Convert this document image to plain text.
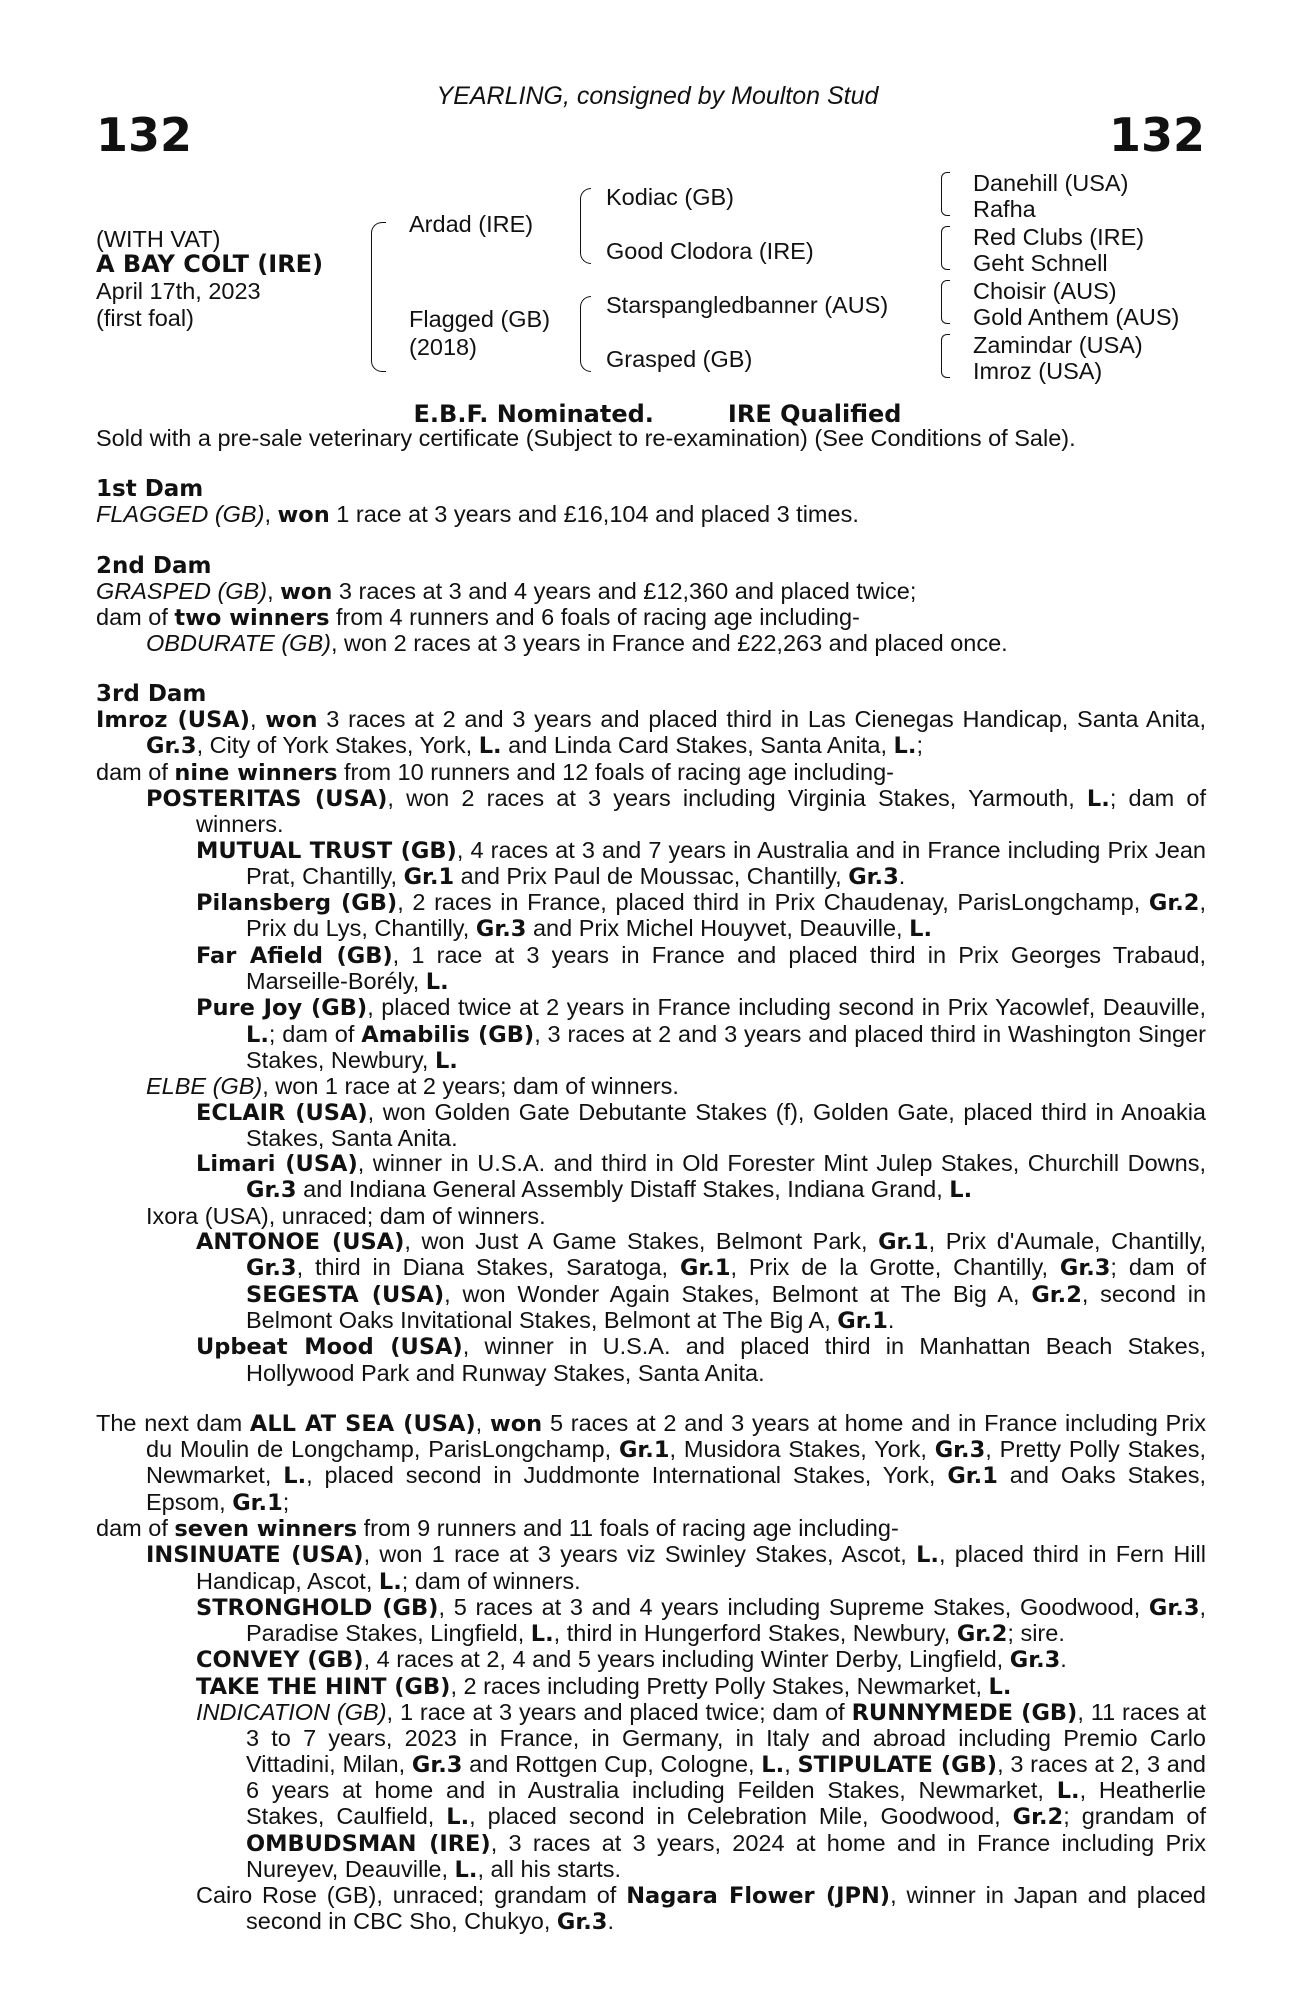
YEARLING, consigned by Moulton Stud
132	132
(WITH VAT)
A BAY COLT (IRE)
April 17th, 2023
(first foal)
Ardad (IRE)
Flagged (GB)
(2018)
Kodiac (GB)
Good Clodora (IRE)
Starspangledbanner (AUS)
Grasped (GB)
Danehill (USA)
Rafha
Red Clubs (IRE)
Geht Schnell
Choisir (AUS)
Gold Anthem (AUS)
Zamindar (USA)
Imroz (USA)
E.B.F. Nominated.	IRE Qualified
Sold with a pre-sale veterinary certificate (Subject to re-examination) (See Conditions of Sale).

1st Dam

FLAGGED (GB), won 1 race at 3 years and £16,104 and placed 3 times.

2nd Dam

GRASPED (GB), won 3 races at 3 and 4 years and £12,360 and placed twice;

dam of two winners from 4 runners and 6 foals of racing age including-

OBDURATE (GB), won 2 races at 3 years in France and £22,263 and placed once.

3rd Dam

Imroz (USA), won 3 races at 2 and 3 years and placed third in Las Cienegas Handicap, Santa Anita, Gr.3, City of York Stakes, York, L. and Linda Card Stakes, Santa Anita, L.;

dam of nine winners from 10 runners and 12 foals of racing age including-

POSTERITAS (USA), won 2 races at 3 years including Virginia Stakes, Yarmouth, L.; dam of winners.

MUTUAL TRUST (GB), 4 races at 3 and 7 years in Australia and in France including Prix Jean Prat, Chantilly, Gr.1 and Prix Paul de Moussac, Chantilly, Gr.3.

Pilansberg (GB), 2 races in France, placed third in Prix Chaudenay, ParisLongchamp, Gr.2, Prix du Lys, Chantilly, Gr.3 and Prix Michel Houyvet, Deauville, L.

Far Afield (GB), 1 race at 3 years in France and placed third in Prix Georges Trabaud, Marseille-Borély, L.

Pure Joy (GB), placed twice at 2 years in France including second in Prix Yacowlef, Deauville, L.; dam of Amabilis (GB), 3 races at 2 and 3 years and placed third in Washington Singer Stakes, Newbury, L.

ELBE (GB), won 1 race at 2 years; dam of winners.

ECLAIR (USA), won Golden Gate Debutante Stakes (f), Golden Gate, placed third in Anoakia Stakes, Santa Anita.

Limari (USA), winner in U.S.A. and third in Old Forester Mint Julep Stakes, Churchill Downs, Gr.3 and Indiana General Assembly Distaff Stakes, Indiana Grand, L.

Ixora (USA), unraced; dam of winners.

ANTONOE (USA), won Just A Game Stakes, Belmont Park, Gr.1, Prix d'Aumale, Chantilly, Gr.3, third in Diana Stakes, Saratoga, Gr.1, Prix de la Grotte, Chantilly, Gr.3; dam of SEGESTA (USA), won Wonder Again Stakes, Belmont at The Big A, Gr.2, second in Belmont Oaks Invitational Stakes, Belmont at The Big A, Gr.1.

Upbeat Mood (USA), winner in U.S.A. and placed third in Manhattan Beach Stakes, Hollywood Park and Runway Stakes, Santa Anita.

The next dam ALL AT SEA (USA), won 5 races at 2 and 3 years at home and in France including Prix du Moulin de Longchamp, ParisLongchamp, Gr.1, Musidora Stakes, York, Gr.3, Pretty Polly Stakes, Newmarket, L., placed second in Juddmonte International Stakes, York, Gr.1 and Oaks Stakes, Epsom, Gr.1;

dam of seven winners from 9 runners and 11 foals of racing age including-

INSINUATE (USA), won 1 race at 3 years viz Swinley Stakes, Ascot, L., placed third in Fern Hill Handicap, Ascot, L.; dam of winners.

STRONGHOLD (GB), 5 races at 3 and 4 years including Supreme Stakes, Goodwood, Gr.3, Paradise Stakes, Lingfield, L., third in Hungerford Stakes, Newbury, Gr.2; sire.

CONVEY (GB), 4 races at 2, 4 and 5 years including Winter Derby, Lingfield, Gr.3.

TAKE THE HINT (GB), 2 races including Pretty Polly Stakes, Newmarket, L.

INDICATION (GB), 1 race at 3 years and placed twice; dam of RUNNYMEDE (GB), 11 races at 3 to 7 years, 2023 in France, in Germany, in Italy and abroad including Premio Carlo Vittadini, Milan, Gr.3 and Rottgen Cup, Cologne, L., STIPULATE (GB), 3 races at 2, 3 and 6 years at home and in Australia including Feilden Stakes, Newmarket, L., Heatherlie Stakes, Caulfield, L., placed second in Celebration Mile, Goodwood, Gr.2; grandam of OMBUDSMAN (IRE), 3 races at 3 years, 2024 at home and in France including Prix Nureyev, Deauville, L., all his starts.

Cairo Rose (GB), unraced; grandam of Nagara Flower (JPN), winner in Japan and placed second in CBC Sho, Chukyo, Gr.3.
